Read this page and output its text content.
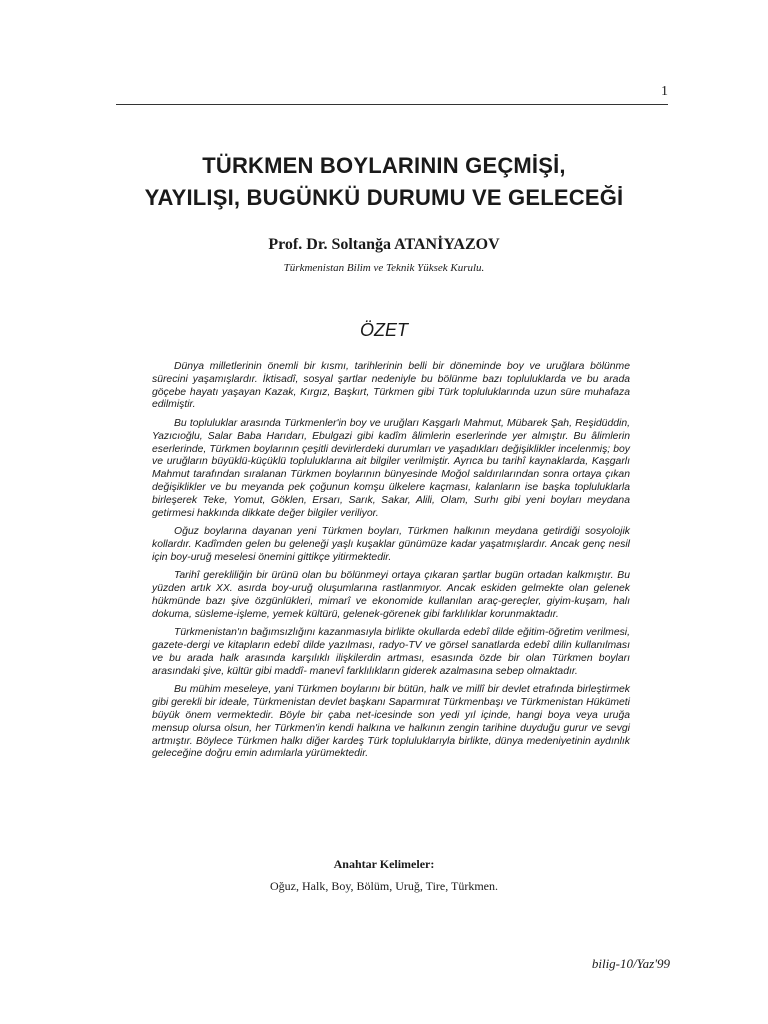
1
TÜRKMEN BOYLARININ GEÇMİŞİ,
YAYILIŞI, BUGÜNKÜ DURUMU VE GELECEĞİ
Prof. Dr. Soltanğa ATANİYAZOV
Türkmenistan Bilim ve Teknik Yüksek Kurulu.
ÖZET

Dünya milletlerinin önemli bir kısmı, tarihlerinin belli bir döneminde boy ve uruğlara bölünme sürecini yaşamışlardır. İktisadî, sosyal şartlar nedeniyle bu bölünme bazı topluluklarda ve bu arada göçebe hayatı yaşayan Kazak, Kırgız, Başkırt, Türkmen gibi Türk topluluklarında uzun süre muhafaza edilmiştir.

Bu topluluklar arasında Türkmenler'in boy ve uruğları Kaşgarlı Mahmut, Mübarek Şah, Reşidüddin, Yazıcıoğlu, Salar Baba Harıdarı, Ebulgazi gibi kadîm âlimlerin eserlerinde yer almıştır. Bu âlimlerin eserlerinde, Türkmen boylarının çeşitli devirlerdeki durumları ve yaşadıkları değişiklikler incelenmiş; boy ve uruğların büyüklü-küçüklü topluluklarına ait bilgiler verilmiştir. Ayrıca bu tarihî kaynaklarda, Kaşgarlı Mahmut tarafından sıralanan Türkmen boylarının bünyesinde Moğol saldırılarından sonra ortaya çıkan değişiklikler ve bu meyanda pek çoğunun komşu ülkelere kaçması, kalanların ise başka topluluklarla birleşerek Teke, Yomut, Göklen, Ersarı, Sarık, Sakar, Alili, Olam, Surhı gibi yeni boyları meydana getirmesi hakkında dikkate değer bilgiler veriliyor.

Oğuz boylarına dayanan yeni Türkmen boyları, Türkmen halkının meydana getirdiği sosyolojik kollardır. Kadîmden gelen bu geleneği yaşlı kuşaklar günümüze kadar yaşatmışlardır. Ancak genç nesil için boy-uruğ meselesi önemini gittikçe yitirmektedir.

Tarihî gerekliliğin bir ürünü olan bu bölünmeyi ortaya çıkaran şartlar bugün ortadan kalkmıştır. Bu yüzden artık XX. asırda boy-uruğ oluşumlarına rastlanmıyor. Ancak eskiden gelmekte olan gelenek hükmünde bazı şive özgünlükleri, mimarî ve ekonomide kullanılan araç-gereçler, giyim-kuşam, halı dokuma, süsleme-işleme, yemek kültürü, gelenek-görenek gibi farklılıklar korunmaktadır.

Türkmenistan'ın bağımsızlığını kazanmasıyla birlikte okullarda edebî dilde eğitim-öğretim verilmesi, gazete-dergi ve kitapların edebî dilde yazılması, radyo-TV ve görsel sanatlarda edebî dilin kullanılması ve bu arada halk arasında karşılıklı ilişkilerdin artması, esasında özde bir olan Türkmen boyları arasındaki şive, kültür gibi maddî- manevî farklılıkların giderek azalmasına sebep olmaktadır.

Bu mühim meseleye, yani Türkmen boylarını bir bütün, halk ve millî bir devlet etrafında birleştirmek gibi gerekli bir ideale, Türkmenistan devlet başkanı Saparmırat Türkmenbaşı ve Türkmenistan Hükümeti büyük önem vermektedir. Böyle bir çaba net-icesinde son yedi yıl içinde, hangi boya veya uruğa mensup olursa olsun, her Türkmen'in kendi halkına ve halkının zengin tarihine duyduğu gurur ve sevgi artmıştır. Böylece Türkmen halkı diğer kardeş Türk topluluklarıyla birlikte, dünya medeniyetinin aydınlık geleceğine doğru emin adımlarla yürümektedir.

Anahtar Kelimeler:
Oğuz, Halk, Boy, Bölüm, Uruğ, Tire, Türkmen.
bilig-10/Yaz'99
